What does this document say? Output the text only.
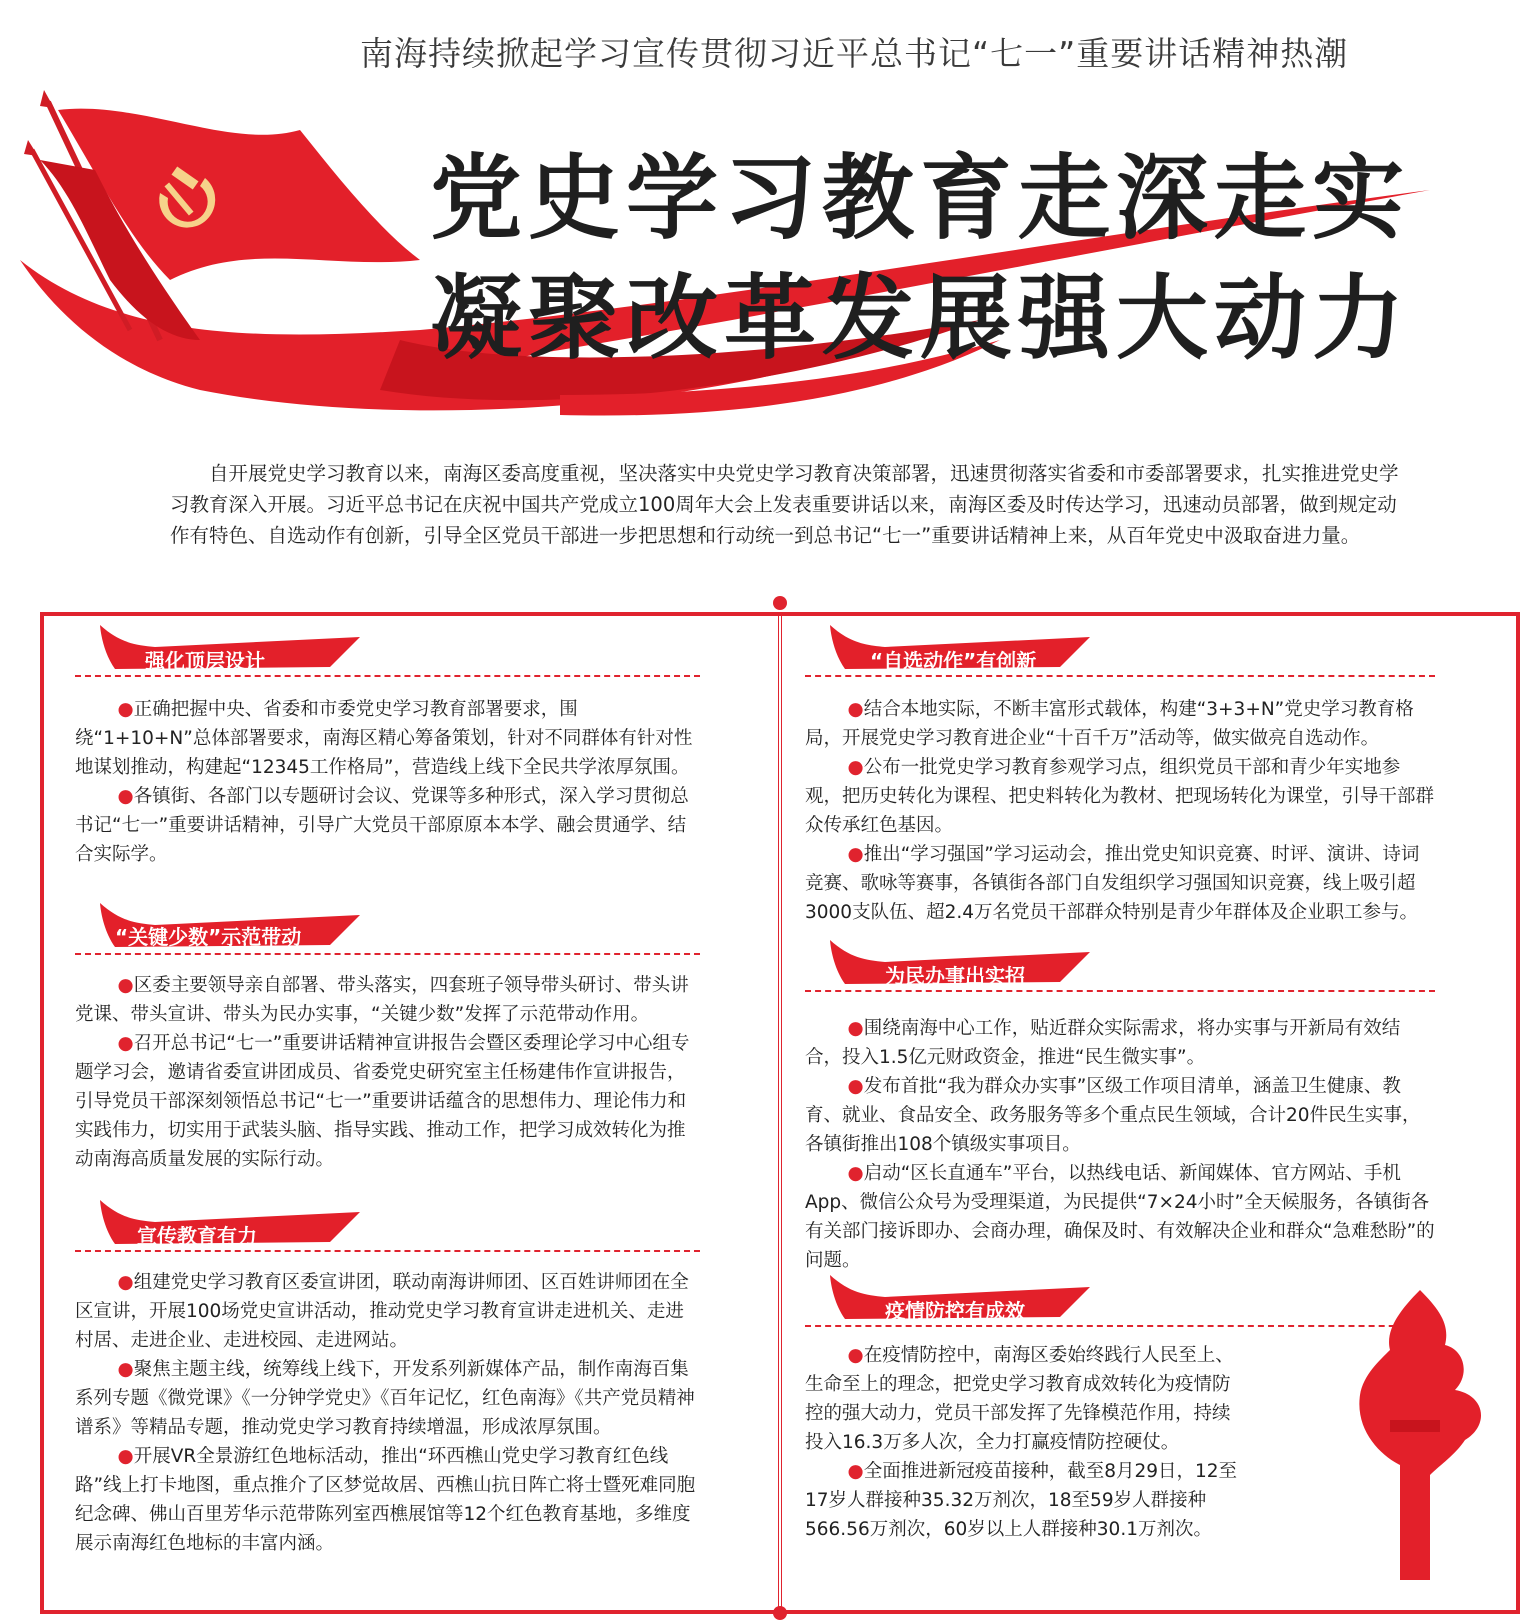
南海持续掀起学习宣传贯彻习近平总书记“七一”重要讲话精神热潮
党史学习教育走深走实
凝聚改革发展强大动力

自开展党史学习教育以来，南海区委高度重视，坚决落实中央党史学习教育决策部署，迅速贯彻落实省委和市委部署要求，扎实推进党史学习教育深入开展。习近平总书记在庆祝中国共产党成立100周年大会上发表重要讲话以来，南海区委及时传达学习，迅速动员部署，做到规定动作有特色、自选动作有创新，引导全区党员干部进一步把思想和行动统一到总书记“七一”重要讲话精神上来，从百年党史中汲取奋进力量。

强化顶层设计

●正确把握中央、省委和市委党史学习教育部署要求，围绕“1+10+N”总体部署要求，南海区精心筹备策划，针对不同群体有针对性地谋划推动，构建起“12345工作格局”，营造线上线下全民共学浓厚氛围。

●各镇街、各部门以专题研讨会议、党课等多种形式，深入学习贯彻总书记“七一”重要讲话精神，引导广大党员干部原原本本学、融会贯通学、结合实际学。

“关键少数”示范带动

●区委主要领导亲自部署、带头落实，四套班子领导带头研讨、带头讲党课、带头宣讲、带头为民办实事，“关键少数”发挥了示范带动作用。

●召开总书记“七一”重要讲话精神宣讲报告会暨区委理论学习中心组专题学习会，邀请省委宣讲团成员、省委党史研究室主任杨建伟作宣讲报告，引导党员干部深刻领悟总书记“七一”重要讲话蕴含的思想伟力、理论伟力和实践伟力，切实用于武装头脑、指导实践、推动工作，把学习成效转化为推动南海高质量发展的实际行动。

宣传教育有力

●组建党史学习教育区委宣讲团，联动南海讲师团、区百姓讲师团在全区宣讲，开展100场党史宣讲活动，推动党史学习教育宣讲走进机关、走进村居、走进企业、走进校园、走进网站。

●聚焦主题主线，统筹线上线下，开发系列新媒体产品，制作南海百集系列专题《微党课》《一分钟学党史》《百年记忆，红色南海》《共产党员精神谱系》等精品专题，推动党史学习教育持续增温，形成浓厚氛围。

●开展VR全景游红色地标活动，推出“环西樵山党史学习教育红色线路”线上打卡地图，重点推介了区梦觉故居、西樵山抗日阵亡将士暨死难同胞纪念碑、佛山百里芳华示范带陈列室西樵展馆等12个红色教育基地，多维度展示南海红色地标的丰富内涵。

“自选动作”有创新

●结合本地实际，不断丰富形式载体，构建“3+3+N”党史学习教育格局，开展党史学习教育进企业“十百千万”活动等，做实做亮自选动作。

●公布一批党史学习教育参观学习点，组织党员干部和青少年实地参观，把历史转化为课程、把史料转化为教材、把现场转化为课堂，引导干部群众传承红色基因。

●推出“学习强国”学习运动会，推出党史知识竞赛、时评、演讲、诗词竞赛、歌咏等赛事，各镇街各部门自发组织学习强国知识竞赛，线上吸引超3000支队伍、超2.4万名党员干部群众特别是青少年群体及企业职工参与。

为民办事出实招

●围绕南海中心工作，贴近群众实际需求，将办实事与开新局有效结合，投入1.5亿元财政资金，推进“民生微实事”。

●发布首批“我为群众办实事”区级工作项目清单，涵盖卫生健康、教育、就业、食品安全、政务服务等多个重点民生领域，合计20件民生实事，各镇街推出108个镇级实事项目。

●启动“区长直通车”平台，以热线电话、新闻媒体、官方网站、手机App、微信公众号为受理渠道，为民提供“7×24小时”全天候服务，各镇街各有关部门接诉即办、会商办理，确保及时、有效解决企业和群众“急难愁盼”的问题。

疫情防控有成效

●在疫情防控中，南海区委始终践行人民至上、生命至上的理念，把党史学习教育成效转化为疫情防控的强大动力，党员干部发挥了先锋模范作用，持续投入16.3万多人次，全力打赢疫情防控硬仗。

●全面推进新冠疫苗接种，截至8月29日，12至17岁人群接种35.32万剂次，18至59岁人群接种566.56万剂次，60岁以上人群接种30.1万剂次。
